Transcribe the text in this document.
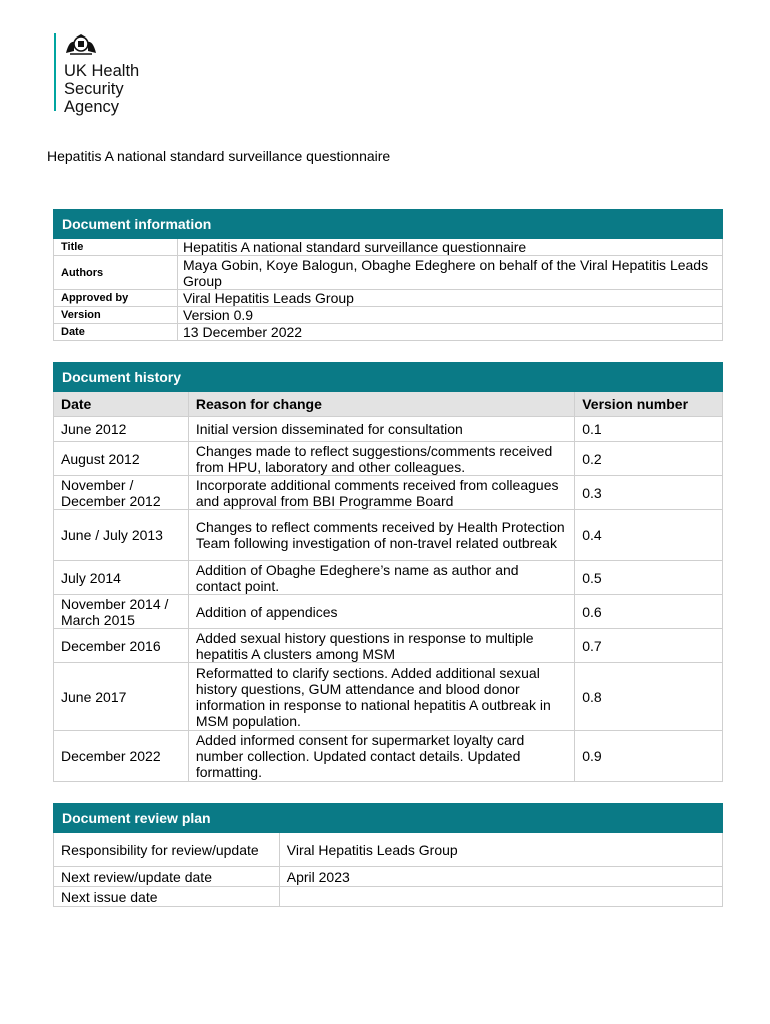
UK Health
Security
Agency
Hepatitis A national standard surveillance questionnaire
Document information	
Title	Hepatitis A national standard surveillance questionnaire
Authors	Maya Gobin, Koye Balogun, Obaghe Edeghere on behalf of the Viral Hepatitis Leads Group
Approved by	Viral Hepatitis Leads Group
Version	Version 0.9
Date	13 December 2022
Document history		
Date	Reason for change	Version number
June 2012	Initial version disseminated for consultation	0.1
August 2012	Changes made to reflect suggestions/comments received from HPU, laboratory and other colleagues.	0.2
November / December 2012	Incorporate additional comments received from colleagues and approval from BBI Programme Board	0.3
June / July 2013	Changes to reflect comments received by Health Protection Team following investigation of non-travel related outbreak	0.4
July 2014	Addition of Obaghe Edeghere’s name as author and contact point.	0.5
November 2014 / March 2015	Addition of appendices	0.6
December 2016	Added sexual history questions in response to multiple hepatitis A clusters among MSM	0.7
June 2017	Reformatted to clarify sections. Added additional sexual history questions, GUM attendance and blood donor information in response to national hepatitis A outbreak in MSM population.	0.8
December 2022	Added informed consent for supermarket loyalty card number collection. Updated contact details. Updated formatting.	0.9
Document review plan	
Responsibility for review/update	Viral Hepatitis Leads Group
Next review/update date	April 2023
Next issue date	
